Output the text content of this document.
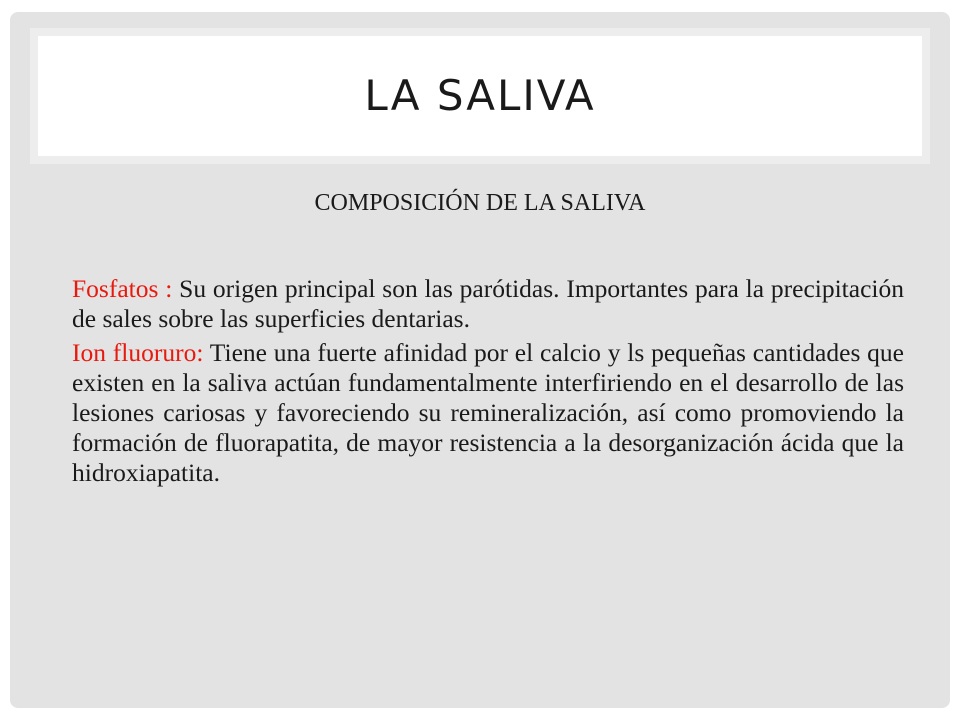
LA SALIVA

COMPOSICIÓN DE LA SALIVA

Fosfatos : Su origen principal son las parótidas. Importantes para la precipitación de sales sobre las superficies dentarias.

Ion fluoruro: Tiene una fuerte afinidad por el calcio y ls pequeñas cantidades que existen en la saliva actúan fundamentalmente interfiriendo en el desarrollo de las lesiones cariosas y favoreciendo su remineralización, así como promoviendo la formación de fluorapatita, de mayor resistencia a la desorganización ácida que la hidroxiapatita.
